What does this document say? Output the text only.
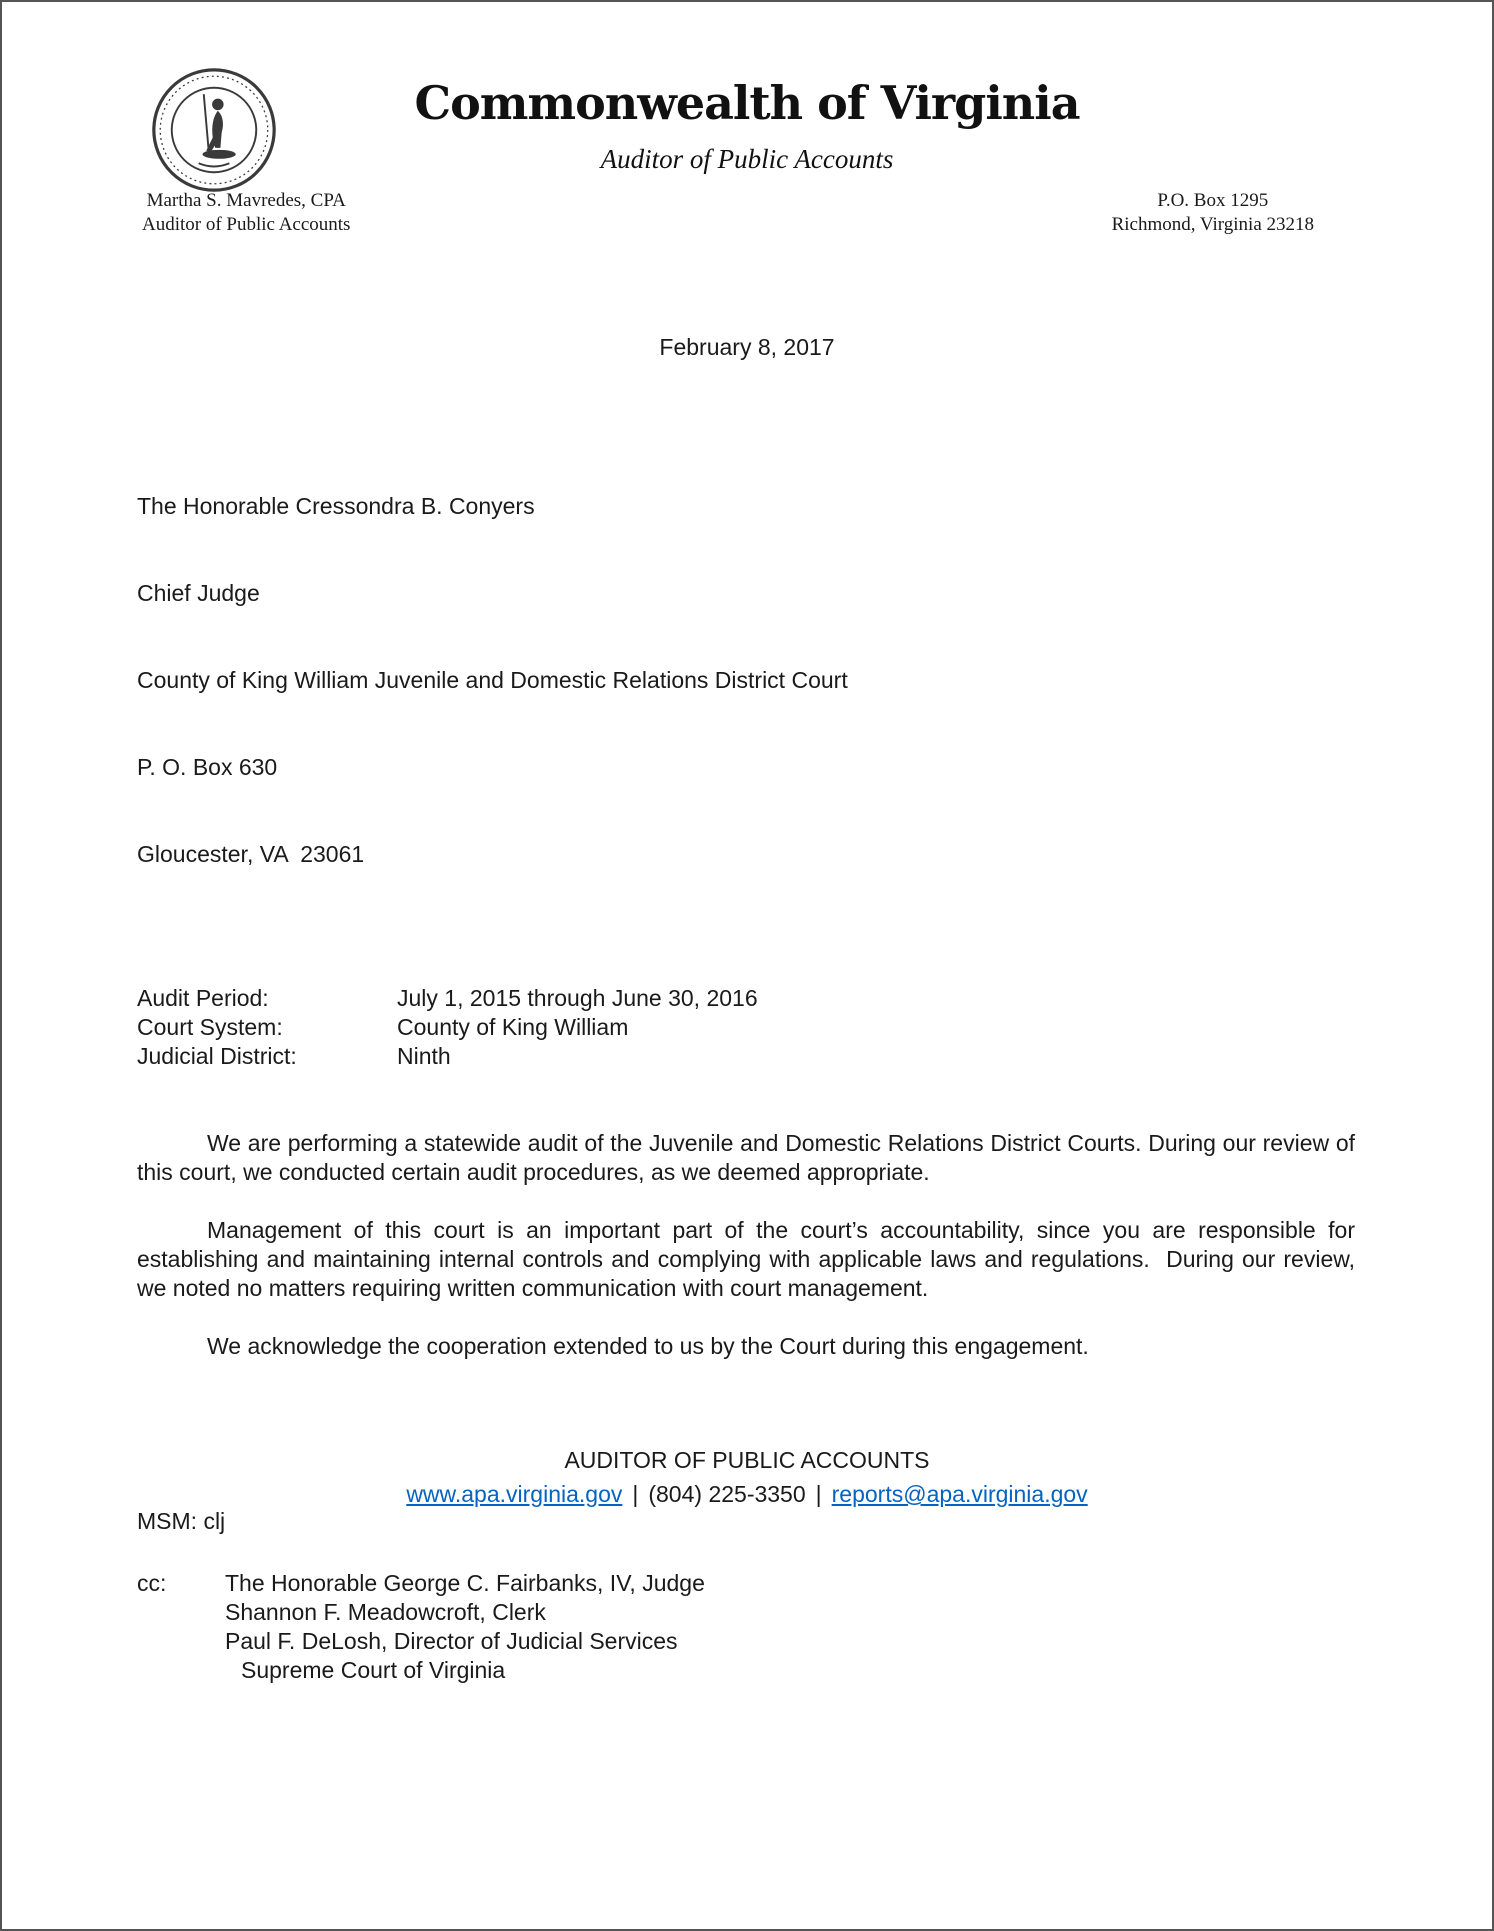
Commonwealth of Virginia
Auditor of Public Accounts
Martha S. Mavredes, CPA
Auditor of Public Accounts
P.O. Box 1295
Richmond, Virginia 23218
February 8, 2017

The Honorable Cressondra B. Conyers

Chief Judge

County of King William Juvenile and Domestic Relations District Court

P. O. Box 630

Gloucester, VA  23061

Audit Period:	July 1, 2015 through June 30, 2016
Court System:	County of King William
Judicial District:	Ninth

We are performing a statewide audit of the Juvenile and Domestic Relations District Courts. During our review of this court, we conducted certain audit procedures, as we deemed appropriate.

Management of this court is an important part of the court’s accountability, since you are responsible for establishing and maintaining internal controls and complying with applicable laws and regulations.  During our review, we noted no matters requiring written communication with court management.

We acknowledge the cooperation extended to us by the Court during this engagement.

AUDITOR OF PUBLIC ACCOUNTS
MSM: clj
cc:	The Honorable George C. Fairbanks, IV, Judge
Shannon F. Meadowcroft, Clerk
Paul F. DeLosh, Director of Judicial Services
Supreme Court of Virginia
www.apa.virginia.gov | (804) 225-3350 | reports@apa.virginia.gov
